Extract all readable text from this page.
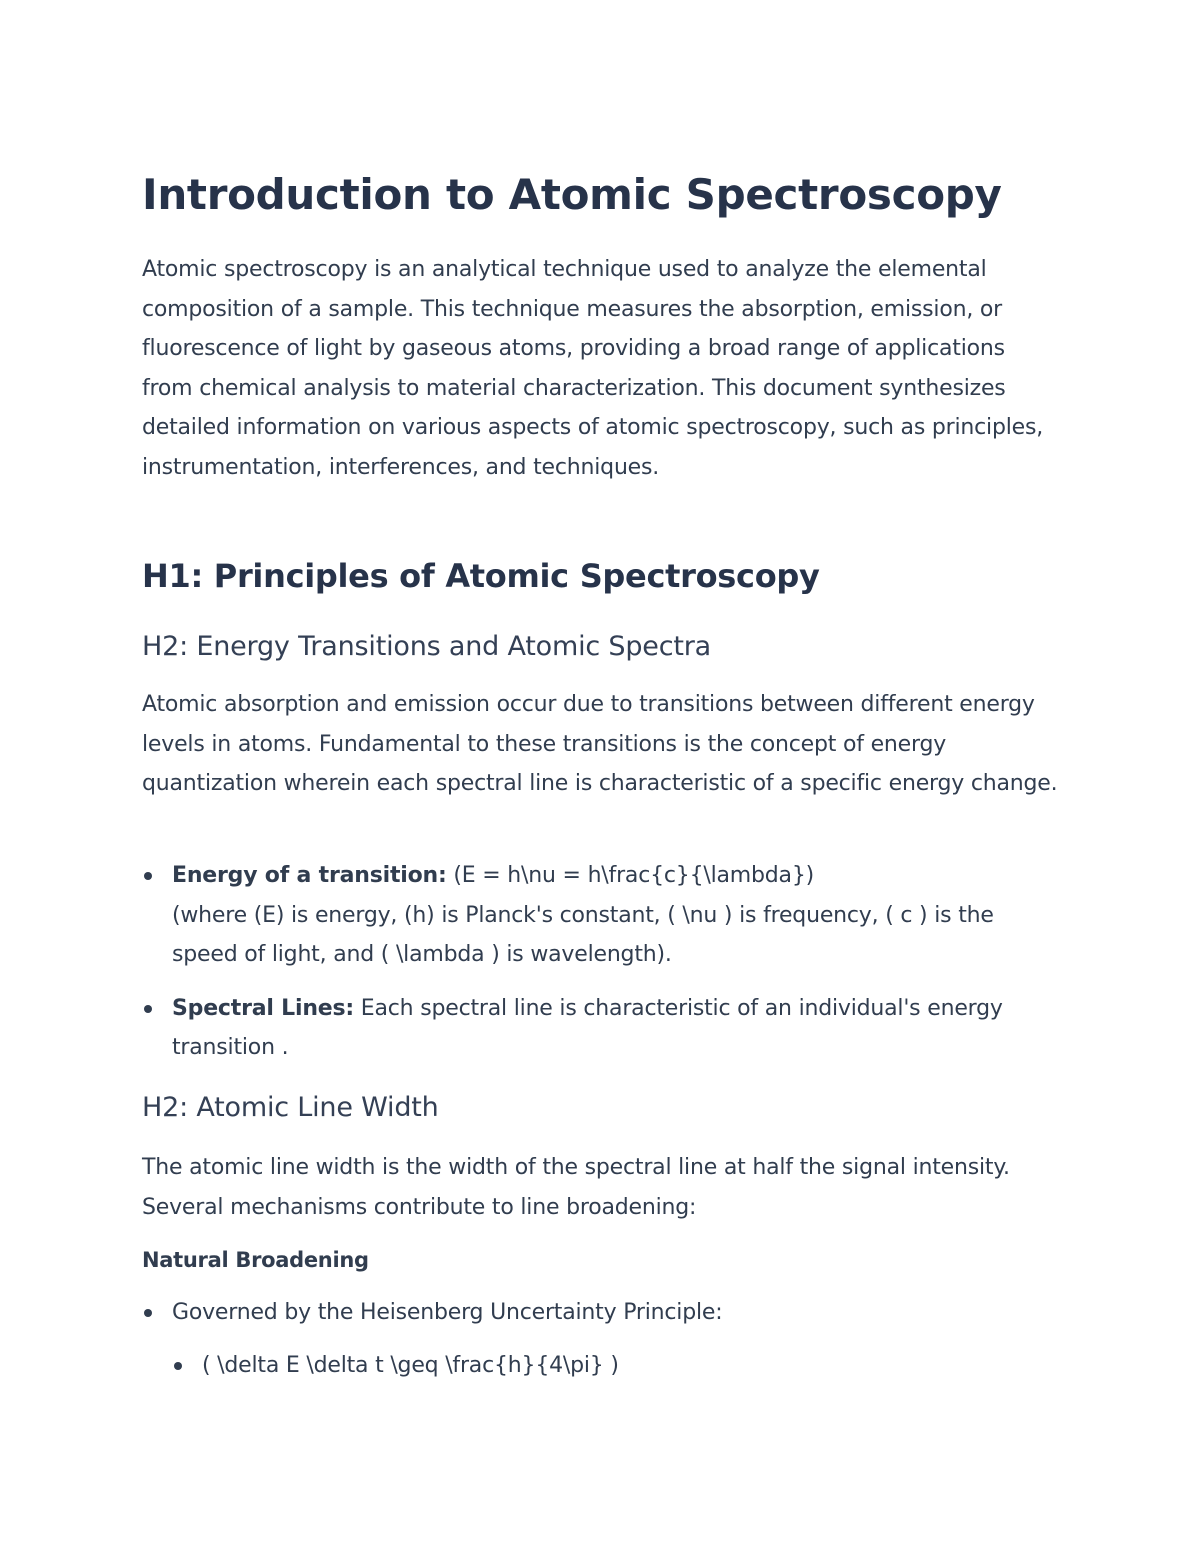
Introduction to Atomic Spectroscopy

Atomic spectroscopy is an analytical technique used to analyze the elemental composition of a sample. This technique measures the absorption, emission, or fluorescence of light by gaseous atoms, providing a broad range of applications from chemical analysis to material characterization. This document synthesizes detailed information on various aspects of atomic spectroscopy, such as principles, instrumentation, interferences, and techniques.

H1: Principles of Atomic Spectroscopy
H2: Energy Transitions and Atomic Spectra

Atomic absorption and emission occur due to transitions between different energy levels in atoms. Fundamental to these transitions is the concept of energy quantization wherein each spectral line is characteristic of a specific energy change.

Energy of a transition: (E = h\nu = h\frac{c}{\lambda})
(where (E) is energy, (h) is Planck's constant, ( \nu ) is frequency, ( c ) is the speed of light, and ( \lambda ) is wavelength).
Spectral Lines: Each spectral line is characteristic of an individual's energy transition .
H2: Atomic Line Width

The atomic line width is the width of the spectral line at half the signal intensity. Several mechanisms contribute to line broadening:

Natural Broadening
Governed by the Heisenberg Uncertainty Principle:
( \delta E \delta t \geq \frac{h}{4\pi} )
